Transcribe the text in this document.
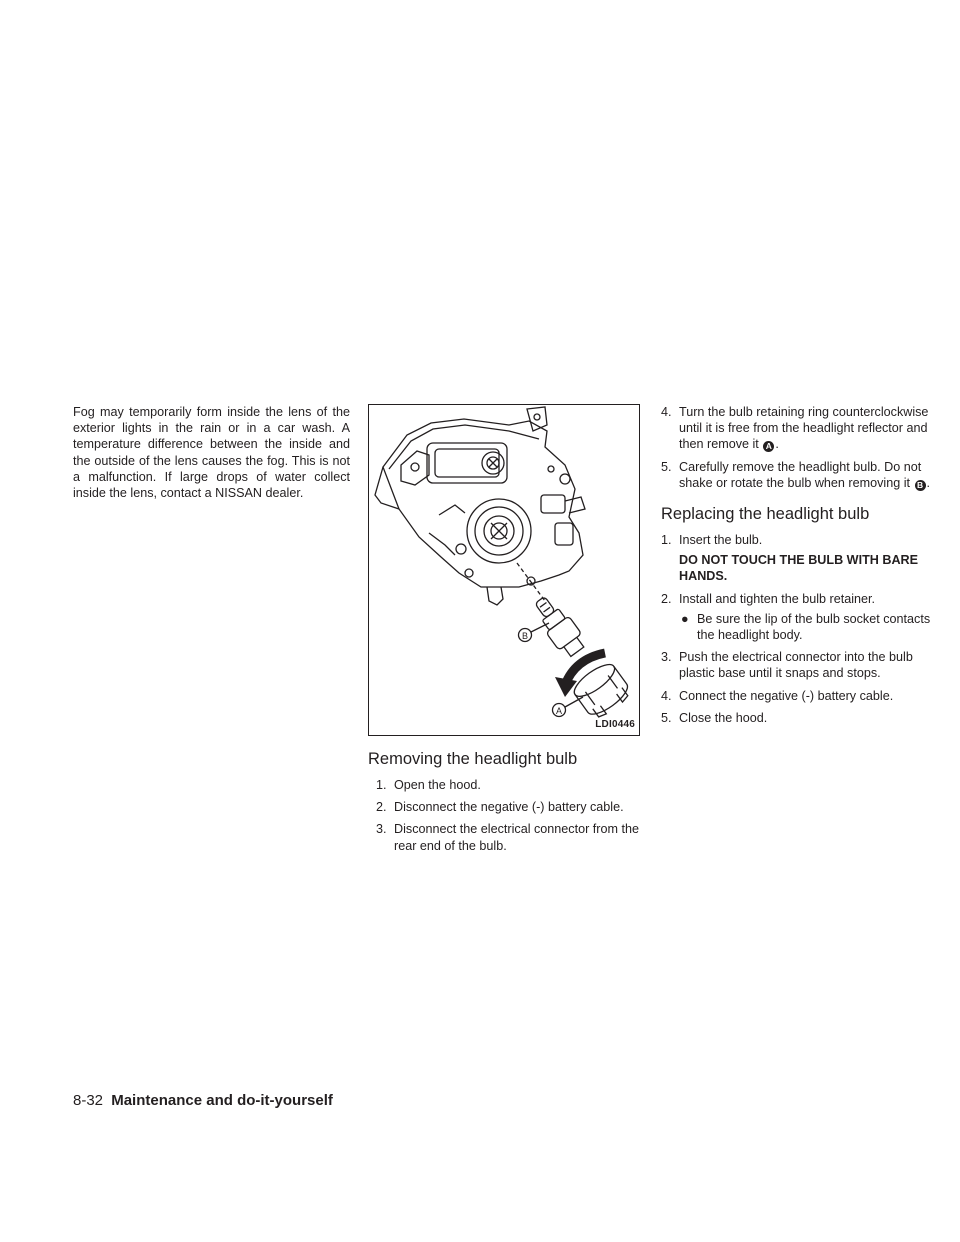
Fog may temporarily form inside the lens of the exterior lights in the rain or in a car wash. A temperature difference between the inside and the outside of the lens causes the fog. This is not a malfunction. If large drops of water collect inside the lens, contact a NISSAN dealer.

B
A
LDI0446
Removing the headlight bulb
1. Open the hood.
2. Disconnect the negative (-) battery cable.
3. Disconnect the electrical connector from the rear end of the bulb.
4. Turn the bulb retaining ring counterclockwise until it is free from the headlight reflector and then remove it A .
5. Carefully remove the headlight bulb. Do not shake or rotate the bulb when removing it B .
Replacing the headlight bulb
1. Insert the bulb.
DO NOT TOUCH THE BULB WITH BARE HANDS.
2. Install and tighten the bulb retainer.
● Be sure the lip of the bulb socket contacts the headlight body.
3. Push the electrical connector into the bulb plastic base until it snaps and stops.
4. Connect the negative (-) battery cable.
5. Close the hood.
8-32 Maintenance and do-it-yourself
